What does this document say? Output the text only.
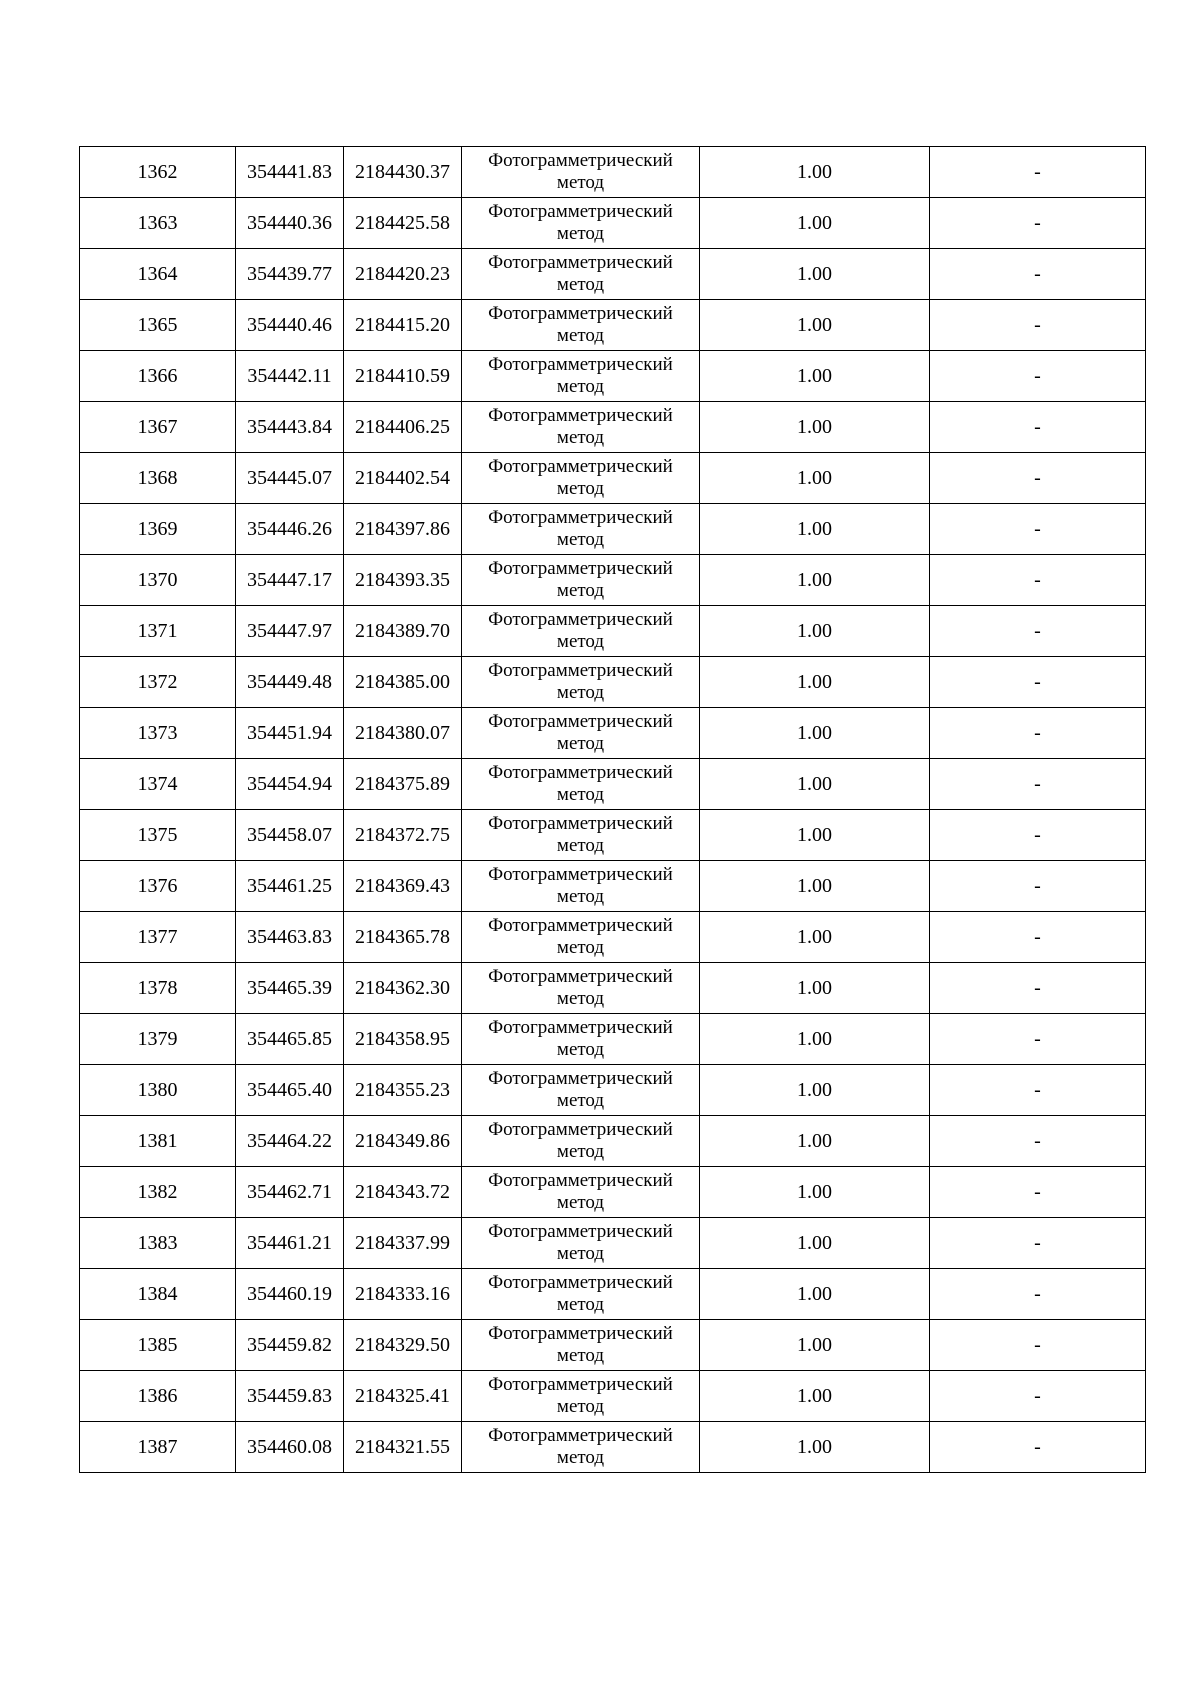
1362	354441.83	2184430.37	Фотограмметрический
метод	1.00	-
1363	354440.36	2184425.58	Фотограмметрический
метод	1.00	-
1364	354439.77	2184420.23	Фотограмметрический
метод	1.00	-
1365	354440.46	2184415.20	Фотограмметрический
метод	1.00	-
1366	354442.11	2184410.59	Фотограмметрический
метод	1.00	-
1367	354443.84	2184406.25	Фотограмметрический
метод	1.00	-
1368	354445.07	2184402.54	Фотограмметрический
метод	1.00	-
1369	354446.26	2184397.86	Фотограмметрический
метод	1.00	-
1370	354447.17	2184393.35	Фотограмметрический
метод	1.00	-
1371	354447.97	2184389.70	Фотограмметрический
метод	1.00	-
1372	354449.48	2184385.00	Фотограмметрический
метод	1.00	-
1373	354451.94	2184380.07	Фотограмметрический
метод	1.00	-
1374	354454.94	2184375.89	Фотограмметрический
метод	1.00	-
1375	354458.07	2184372.75	Фотограмметрический
метод	1.00	-
1376	354461.25	2184369.43	Фотограмметрический
метод	1.00	-
1377	354463.83	2184365.78	Фотограмметрический
метод	1.00	-
1378	354465.39	2184362.30	Фотограмметрический
метод	1.00	-
1379	354465.85	2184358.95	Фотограмметрический
метод	1.00	-
1380	354465.40	2184355.23	Фотограмметрический
метод	1.00	-
1381	354464.22	2184349.86	Фотограмметрический
метод	1.00	-
1382	354462.71	2184343.72	Фотограмметрический
метод	1.00	-
1383	354461.21	2184337.99	Фотограмметрический
метод	1.00	-
1384	354460.19	2184333.16	Фотограмметрический
метод	1.00	-
1385	354459.82	2184329.50	Фотограмметрический
метод	1.00	-
1386	354459.83	2184325.41	Фотограмметрический
метод	1.00	-
1387	354460.08	2184321.55	Фотограмметрический
метод	1.00	-
